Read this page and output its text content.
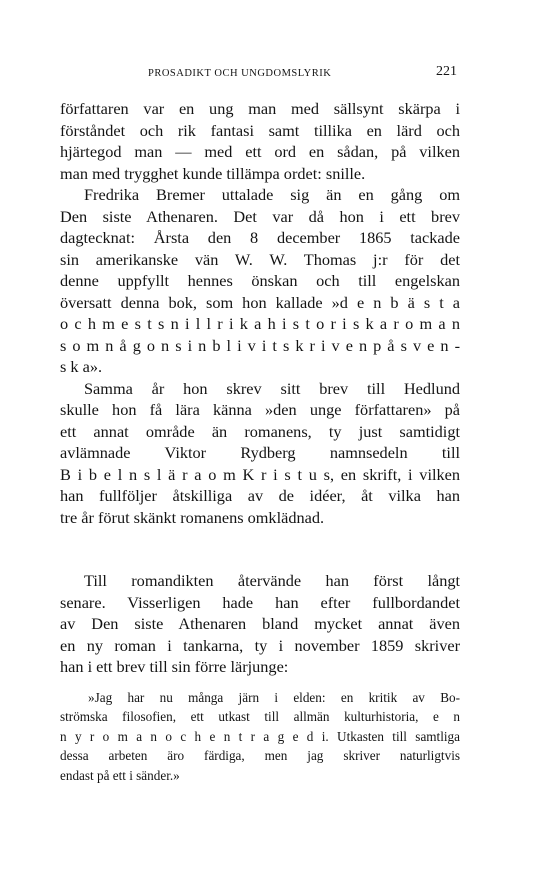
PROSADIKT OCH UNGDOMSLYRIK	221
författaren var en ung man med sällsynt skärpa i
förståndet och rik fantasi samt tillika en lärd och
hjärtegod man — med ett ord en sådan, på vilken
man med trygghet kunde tillämpa ordet: snille.
Fredrika Bremer uttalade sig än en gång om
Den siste Athenaren. Det var då hon i ett brev
dagtecknat: Årsta den 8 december 1865 tackade
sin amerikanske vän W. W. Thomas j:r för det
denne uppfyllt hennes önskan och till engelskan
översatt denna bok, som hon kallade »d e n b ä s t a
o c h m e s t s n i l l r i k a h i s t o r i s k a r o m a n
s o m n å g o n s i n b l i v i t s k r i v e n p å s v e n -
s k a».
Samma år hon skrev sitt brev till Hedlund
skulle hon få lära känna »den unge författaren» på
ett annat område än romanens, ty just samtidigt
avlämnade Viktor Rydberg namnsedeln till
B i b e l n s l ä r a o m K r i s t u s, en skrift, i vilken
han fullföljer åtskilliga av de idéer, åt vilka han
tre år förut skänkt romanens omklädnad.
Till romandikten återvände han först långt
senare. Visserligen hade han efter fullbordandet
av Den siste Athenaren bland mycket annat även
en ny roman i tankarna, ty i november 1859 skriver
han i ett brev till sin förre lärjunge:
»Jag har nu många järn i elden: en kritik av Bo-
strömska filosofien, ett utkast till allmän kulturhistoria, e n
n y r o m a n o c h e n t r a g e d i. Utkasten till samtliga
dessa arbeten äro färdiga, men jag skriver naturligtvis
endast på ett i sänder.»
